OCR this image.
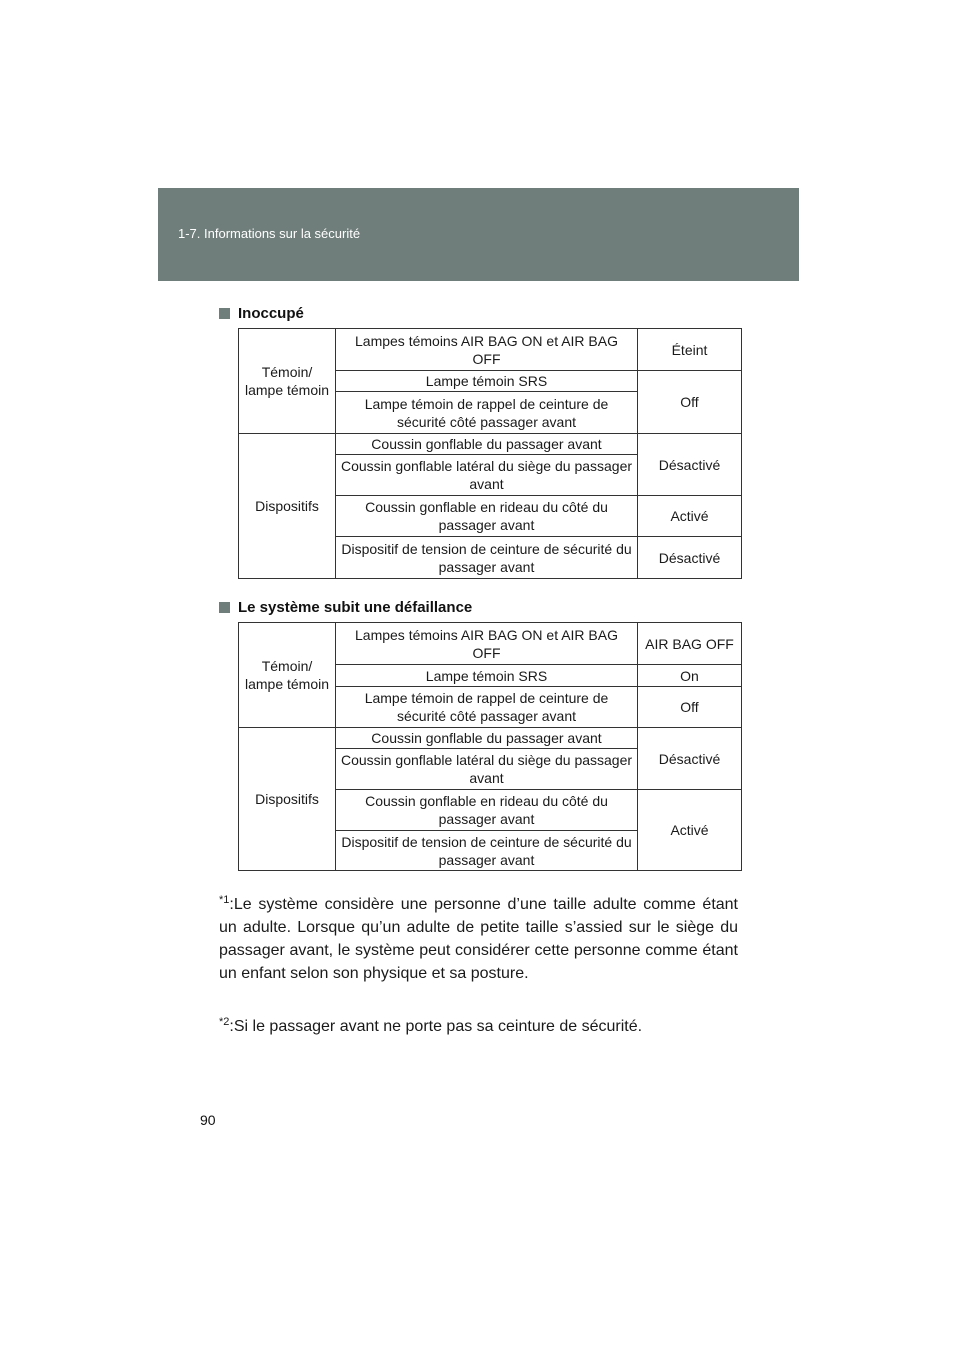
1-7. Informations sur la sécurité
Inoccupé
Témoin/ lampe témoin	Lampes témoins AIR BAG ON et AIR BAG OFF	Éteint
	Lampe témoin SRS	Off
	Lampe témoin de rappel de ceinture de sécurité côté passager avant	
Dispositifs	Coussin gonflable du passager avant	Désactivé
	Coussin gonflable latéral du siège du passager avant	
	Coussin gonflable en rideau du côté du passager avant	Activé
	Dispositif de tension de ceinture de sécurité du passager avant	Désactivé
Le système subit une défaillance
Témoin/ lampe témoin	Lampes témoins AIR BAG ON et AIR BAG OFF	AIR BAG OFF
	Lampe témoin SRS	On
	Lampe témoin de rappel de ceinture de sécurité côté passager avant	Off
Dispositifs	Coussin gonflable du passager avant	Désactivé
	Coussin gonflable latéral du siège du passager avant	
	Coussin gonflable en rideau du côté du passager avant	Activé
	Dispositif de tension de ceinture de sécurité du passager avant	
$^{*1}$:Le système considère une personne d’une taille adulte comme étant un adulte. Lorsque qu’un adulte de petite taille s’assied sur le siège du passager avant, le système peut considérer cette personne comme étant un enfant selon son physique et sa posture.
$^{*2}$:Si le passager avant ne porte pas sa ceinture de sécurité.
90
